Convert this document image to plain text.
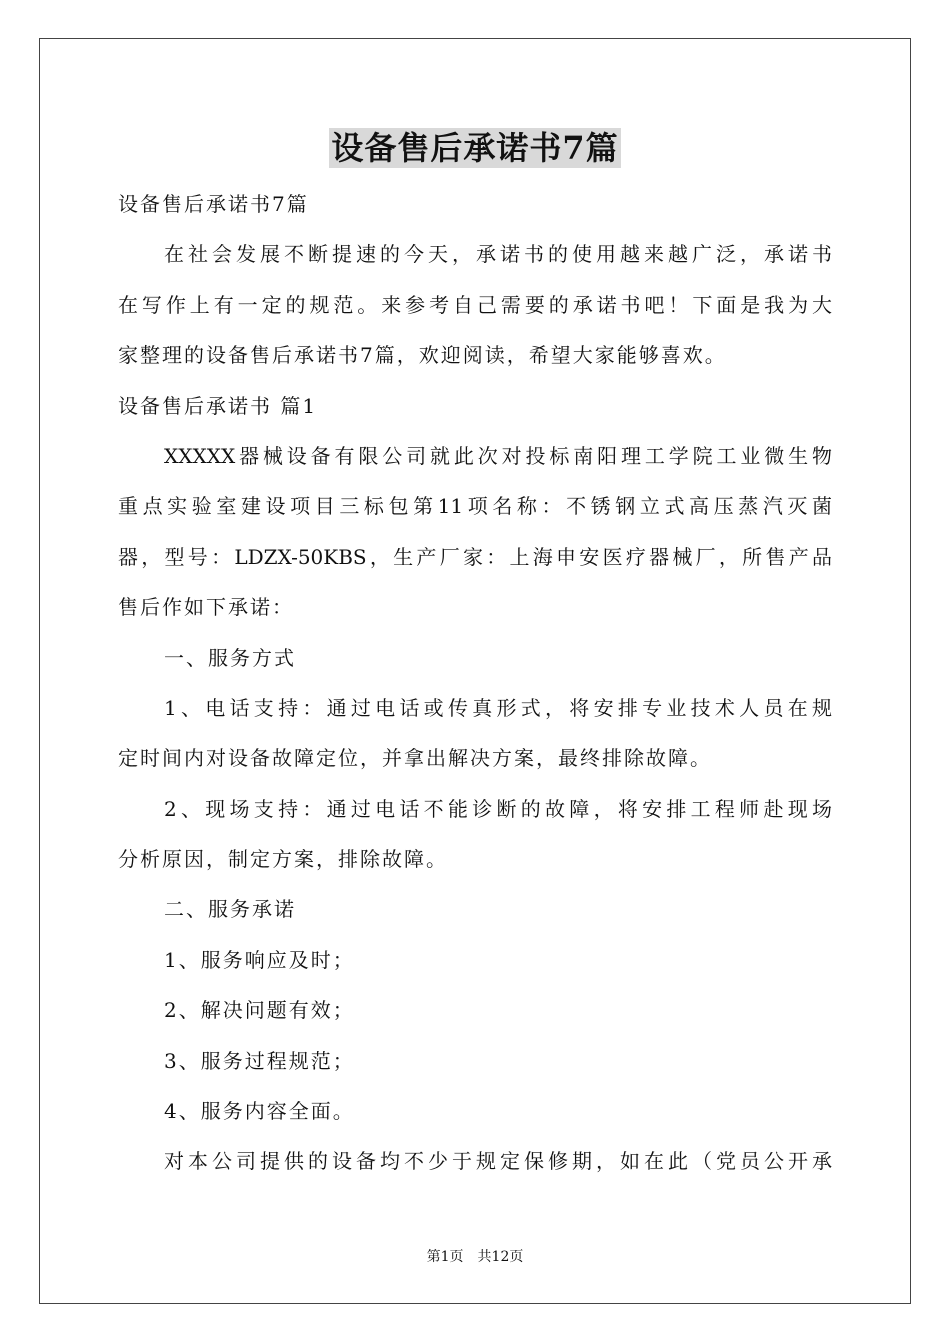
设备售后承诺书7篇
设备售后承诺书7篇
在社会发展不断提速的今天，承诺书的使用越来越广泛，承诺书
在写作上有一定的规范。来参考自己需要的承诺书吧！下面是我为大
家整理的设备售后承诺书7篇，欢迎阅读，希望大家能够喜欢。
设备售后承诺书 篇1
XXXXX器械设备有限公司就此次对投标南阳理工学院工业微生物
重点实验室建设项目三标包第11项名称：不锈钢立式高压蒸汽灭菌
器，型号：LDZX-50KBS，生产厂家：上海申安医疗器械厂，所售产品
售后作如下承诺：
一、服务方式
1、电话支持：通过电话或传真形式，将安排专业技术人员在规
定时间内对设备故障定位，并拿出解决方案，最终排除故障。
2、现场支持：通过电话不能诊断的故障，将安排工程师赴现场
分析原因，制定方案，排除故障。
二、服务承诺
1、服务响应及时；
2、解决问题有效；
3、服务过程规范；
4、服务内容全面。
对本公司提供的设备均不少于规定保修期，如在此（党员公开承
第1页　共12页
